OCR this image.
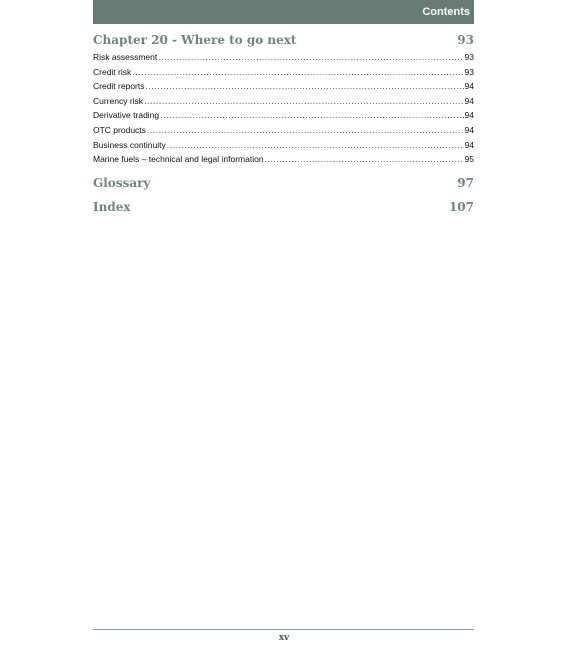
Contents
Chapter 20 - Where to go next	93
Risk assessment .....	93
Credit risk .....	93
Credit reports .....	94
Currency risk .....	94
Derivative trading .....	94
OTC products .....	94
Business continuity .....	94
Marine fuels – technical and legal information .....	95
Glossary	97
Index	107
xv
